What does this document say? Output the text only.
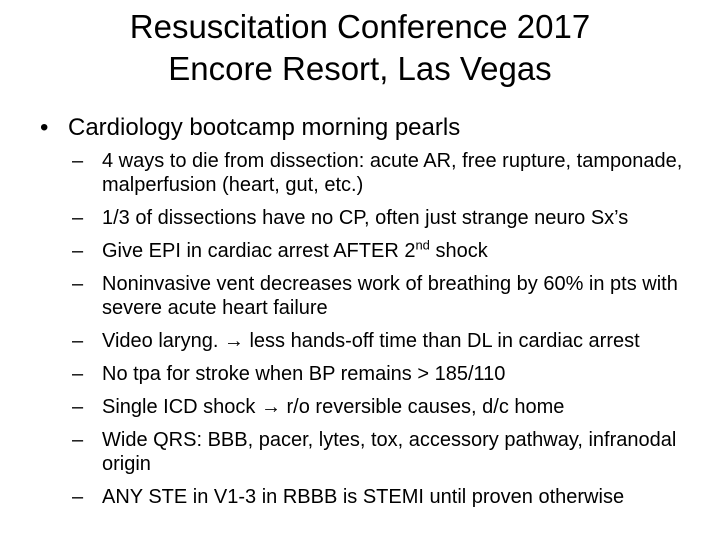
Resuscitation Conference 2017
Encore Resort, Las Vegas
• Cardiology bootcamp morning pearls
– 4 ways to die from dissection: acute AR, free rupture, tamponade, malperfusion (heart, gut, etc.)
– 1/3 of dissections have no CP, often just strange neuro Sx’s
– Give EPI in cardiac arrest AFTER 2nd shock
– Noninvasive vent decreases work of breathing by 60% in pts with severe acute heart failure
– Video laryng. → less hands-off time than DL in cardiac arrest
– No tpa for stroke when BP remains > 185/110
– Single ICD shock → r/o reversible causes, d/c home
– Wide QRS: BBB, pacer, lytes, tox, accessory pathway, infranodal origin
– ANY STE in V1-3 in RBBB is STEMI until proven otherwise
